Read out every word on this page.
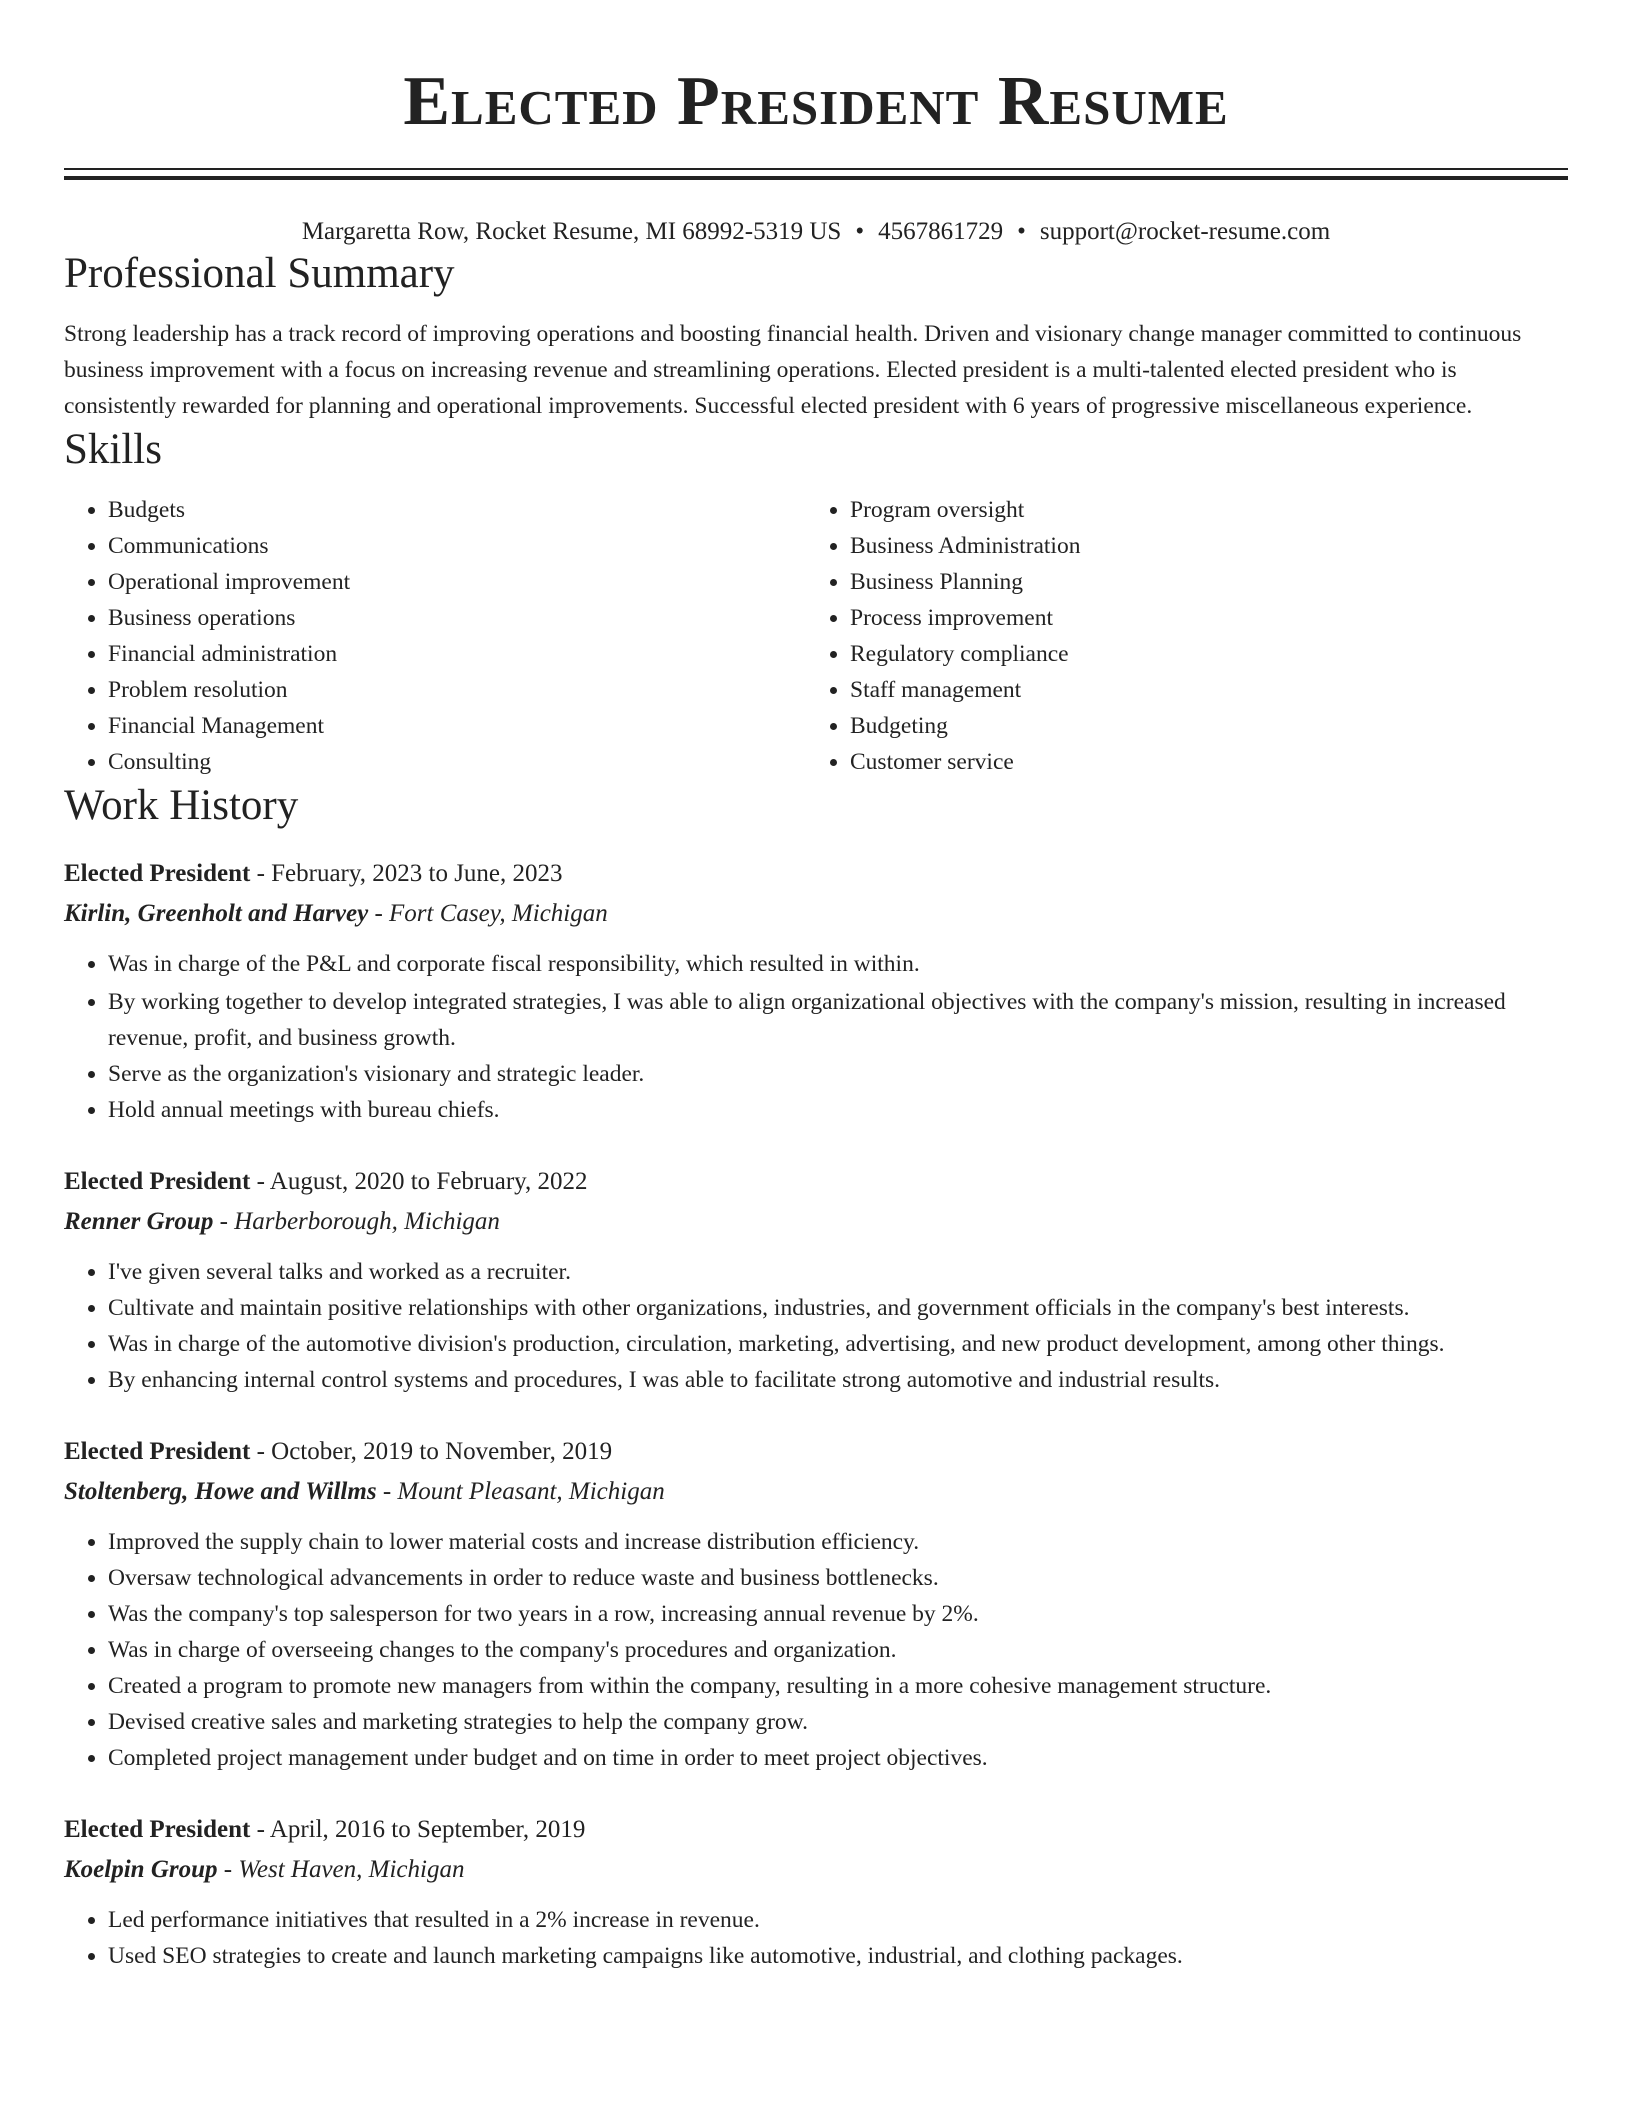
Elected President Resume
Margaretta Row, Rocket Resume, MI 68992-5319 US • 4567861729 • support@rocket-resume.com
Professional Summary

Strong leadership has a track record of improving operations and boosting financial health. Driven and visionary change manager committed to continuous business improvement with a focus on increasing revenue and streamlining operations. Elected president is a multi-talented elected president who is consistently rewarded for planning and operational improvements. Successful elected president with 6 years of progressive miscellaneous experience.

Skills
• Budgets
• Communications
• Operational improvement
• Business operations
• Financial administration
• Problem resolution
• Financial Management
• Consulting
• Program oversight
• Business Administration
• Business Planning
• Process improvement
• Regulatory compliance
• Staff management
• Budgeting
• Customer service
Work History
Elected President - February, 2023 to June, 2023
Kirlin, Greenholt and Harvey - Fort Casey, Michigan
• Was in charge of the P&L and corporate fiscal responsibility, which resulted in within.
• By working together to develop integrated strategies, I was able to align organizational objectives with the company's mission, resulting in increased revenue, profit, and business growth.
• Serve as the organization's visionary and strategic leader.
• Hold annual meetings with bureau chiefs.
Elected President - August, 2020 to February, 2022
Renner Group - Harberborough, Michigan
• I've given several talks and worked as a recruiter.
• Cultivate and maintain positive relationships with other organizations, industries, and government officials in the company's best interests.
• Was in charge of the automotive division's production, circulation, marketing, advertising, and new product development, among other things.
• By enhancing internal control systems and procedures, I was able to facilitate strong automotive and industrial results.
Elected President - October, 2019 to November, 2019
Stoltenberg, Howe and Willms - Mount Pleasant, Michigan
• Improved the supply chain to lower material costs and increase distribution efficiency.
• Oversaw technological advancements in order to reduce waste and business bottlenecks.
• Was the company's top salesperson for two years in a row, increasing annual revenue by 2%.
• Was in charge of overseeing changes to the company's procedures and organization.
• Created a program to promote new managers from within the company, resulting in a more cohesive management structure.
• Devised creative sales and marketing strategies to help the company grow.
• Completed project management under budget and on time in order to meet project objectives.
Elected President - April, 2016 to September, 2019
Koelpin Group - West Haven, Michigan
• Led performance initiatives that resulted in a 2% increase in revenue.
• Used SEO strategies to create and launch marketing campaigns like automotive, industrial, and clothing packages.
